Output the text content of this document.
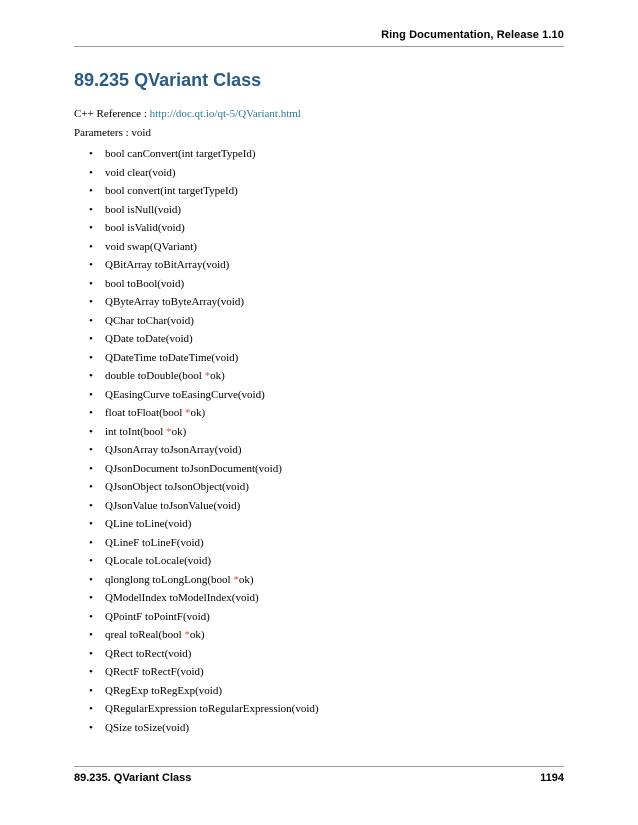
Ring Documentation, Release 1.10
89.235 QVariant Class
C++ Reference : http://doc.qt.io/qt-5/QVariant.html
Parameters : void
• bool canConvert(int targetTypeId)
• void clear(void)
• bool convert(int targetTypeId)
• bool isNull(void)
• bool isValid(void)
• void swap(QVariant)
• QBitArray toBitArray(void)
• bool toBool(void)
• QByteArray toByteArray(void)
• QChar toChar(void)
• QDate toDate(void)
• QDateTime toDateTime(void)
• double toDouble(bool *ok)
• QEasingCurve toEasingCurve(void)
• float toFloat(bool *ok)
• int toInt(bool *ok)
• QJsonArray toJsonArray(void)
• QJsonDocument toJsonDocument(void)
• QJsonObject toJsonObject(void)
• QJsonValue toJsonValue(void)
• QLine toLine(void)
• QLineF toLineF(void)
• QLocale toLocale(void)
• qlonglong toLongLong(bool *ok)
• QModelIndex toModelIndex(void)
• QPointF toPointF(void)
• qreal toReal(bool *ok)
• QRect toRect(void)
• QRectF toRectF(void)
• QRegExp toRegExp(void)
• QRegularExpression toRegularExpression(void)
• QSize toSize(void)
89.235. QVariant Class	1194
